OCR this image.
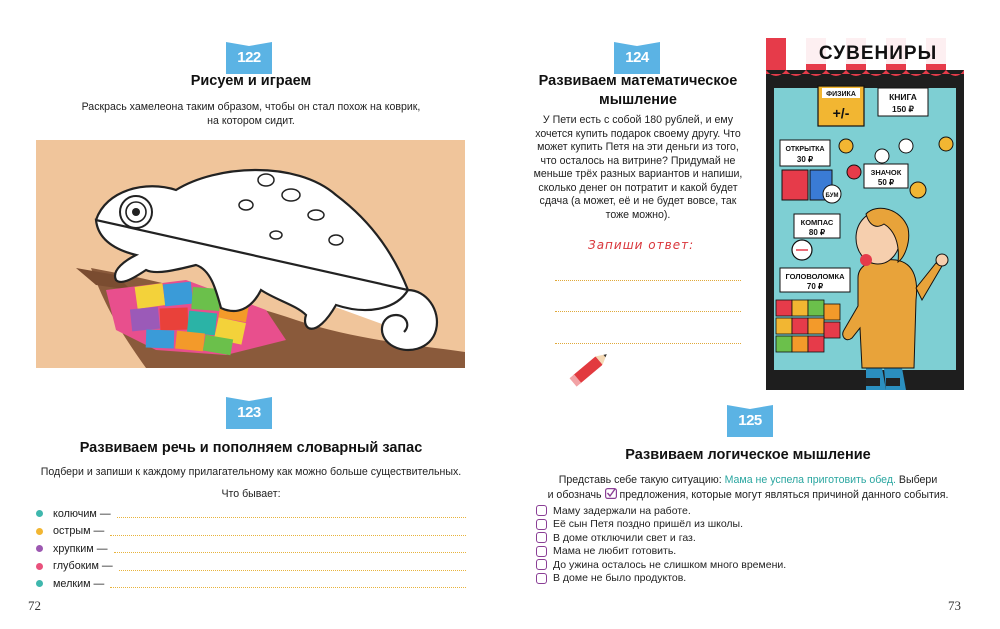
122
Рисуем и играем
Раскрась хамелеона таким образом, чтобы он стал похож на коврик,
на котором сидит.
123
Развиваем речь и пополняем словарный запас
Подбери и запиши к каждому прилагательному как можно больше существительных.
Что бывает:
колючим —
острым —
хрупким —
глубоким —
мелким —
72
124
Развиваем математическое
мышление
У Пети есть с собой 180 рублей, и ему
хочется купить подарок своему другу. Что
может купить Петя на эти деньги из того,
что осталось на витрине? Придумай не
меньше трёх разных вариантов и напиши,
сколько денег он потратит и какой будет
сдача (а может, её и не будет вовсе, так
тоже можно).
Запиши ответ:
СУВЕНИРЫ
ФИЗИКА
+/-
КНИГА
150 ₽
ОТКРЫТКА
30 ₽
ЗНАЧОК
50 ₽
БУМ
КОМПАС
80 ₽
ГОЛОВОЛОМКА
70 ₽
125
Развиваем логическое мышление
Представь себе такую ситуацию: Мама не успела приготовить обед. Выбери
и обозначь предложения, которые могут являться причиной данного события.
Маму задержали на работе.
Её сын Петя поздно пришёл из школы.
В доме отключили свет и газ.
Мама не любит готовить.
До ужина осталось не слишком много времени.
В доме не было продуктов.
73
